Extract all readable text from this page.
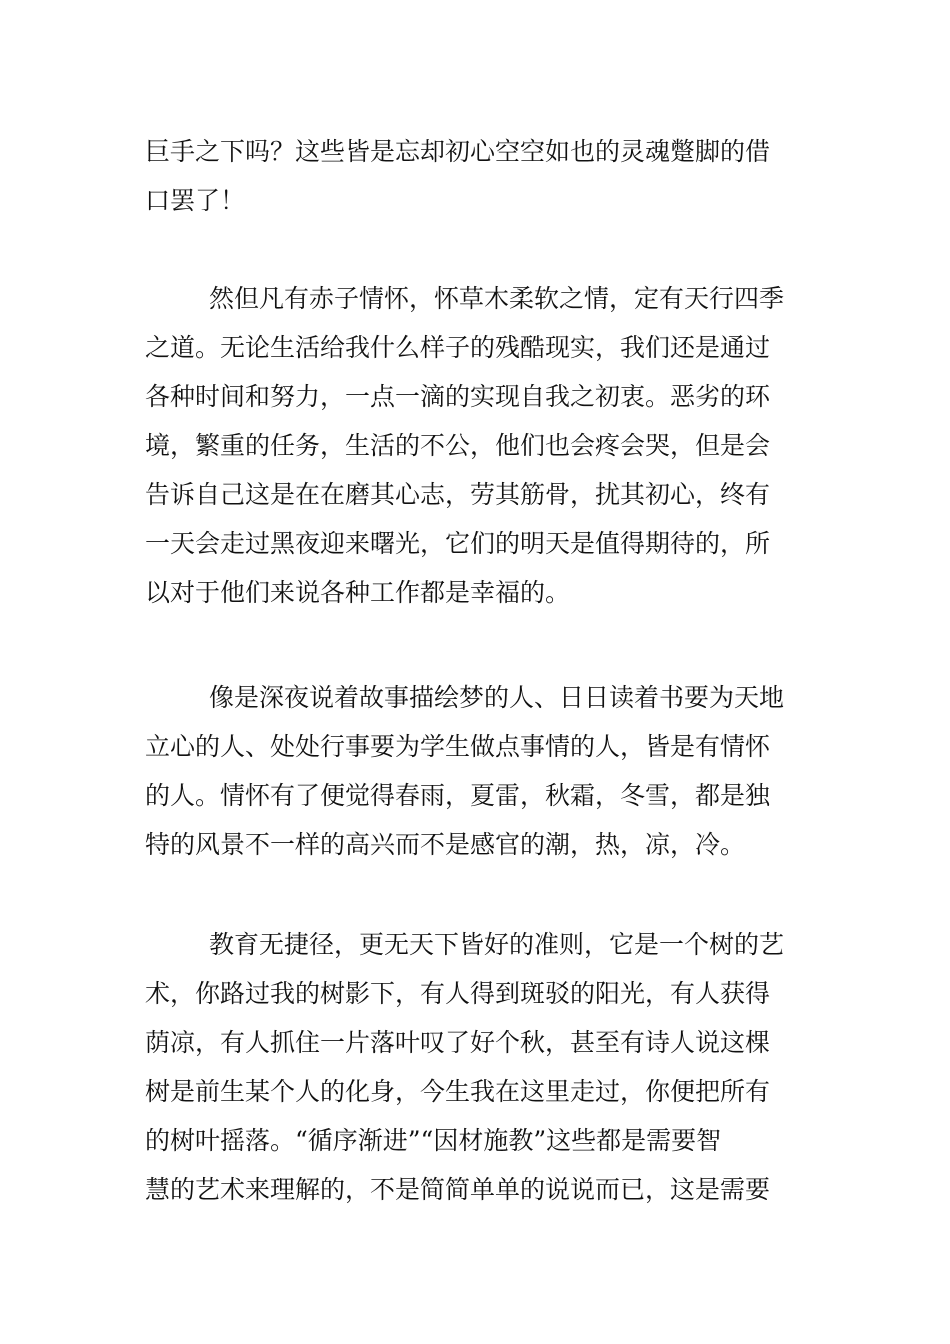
巨手之下吗？这些皆是忘却初心空空如也的灵魂蹩脚的借
口罢了！
然但凡有赤子情怀，怀草木柔软之情，定有天行四季
之道。无论生活给我什么样子的残酷现实，我们还是通过
各种时间和努力，一点一滴的实现自我之初衷。恶劣的环
境，繁重的任务，生活的不公，他们也会疼会哭，但是会
告诉自己这是在在磨其心志，劳其筋骨，扰其初心，终有
一天会走过黑夜迎来曙光，它们的明天是值得期待的，所
以对于他们来说各种工作都是幸福的。
像是深夜说着故事描绘梦的人、日日读着书要为天地
立心的人、处处行事要为学生做点事情的人，皆是有情怀
的人。情怀有了便觉得春雨，夏雷，秋霜，冬雪，都是独
特的风景不一样的高兴而不是感官的潮，热，凉，冷。
教育无捷径，更无天下皆好的准则，它是一个树的艺
术，你路过我的树影下，有人得到斑驳的阳光，有人获得
荫凉，有人抓住一片落叶叹了好个秋，甚至有诗人说这棵
树是前生某个人的化身，今生我在这里走过，你便把所有
的树叶摇落。“循序渐进”“因材施教”这些都是需要智
慧的艺术来理解的，不是简简单单的说说而已，这是需要
